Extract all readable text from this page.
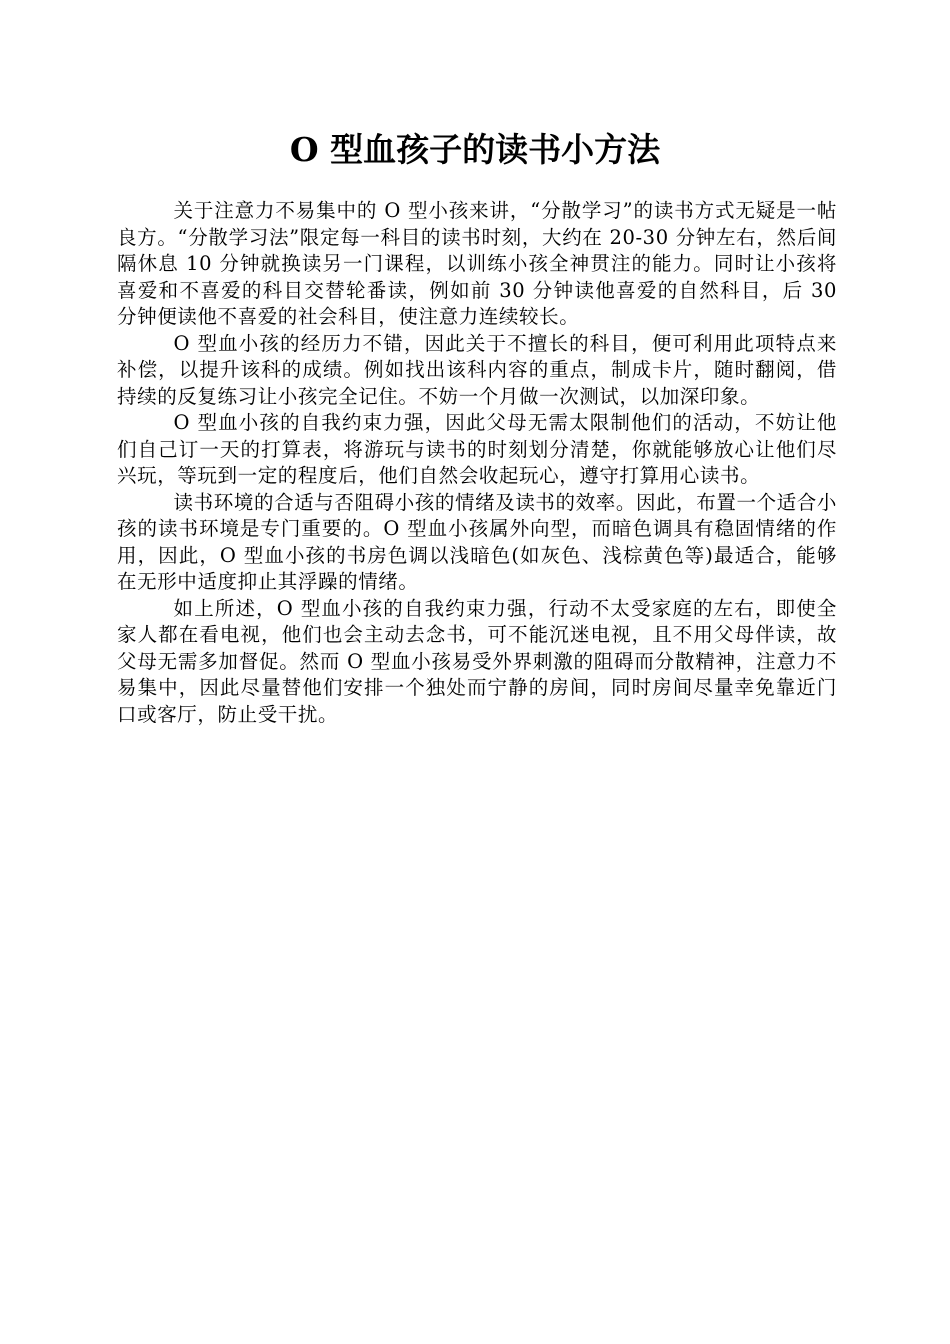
O 型血孩子的读书小方法

关于注意力不易集中的 O 型小孩来讲，“分散学习”的读书方式无疑是一帖良方。“分散学习法”限定每一科目的读书时刻，大约在 20-30 分钟左右，然后间隔休息 10 分钟就换读另一门课程，以训练小孩全神贯注的能力。同时让小孩将喜爱和不喜爱的科目交替轮番读，例如前 30 分钟读他喜爱的自然科目，后 30 分钟便读他不喜爱的社会科目，使注意力连续较长。

O 型血小孩的经历力不错，因此关于不擅长的科目，便可利用此项特点来补偿，以提升该科的成绩。例如找出该科内容的重点，制成卡片，随时翻阅，借持续的反复练习让小孩完全记住。不妨一个月做一次测试，以加深印象。

O 型血小孩的自我约束力强，因此父母无需太限制他们的活动，不妨让他们自己订一天的打算表，将游玩与读书的时刻划分清楚，你就能够放心让他们尽兴玩，等玩到一定的程度后，他们自然会收起玩心，遵守打算用心读书。

读书环境的合适与否阻碍小孩的情绪及读书的效率。因此，布置一个适合小孩的读书环境是专门重要的。O 型血小孩属外向型，而暗色调具有稳固情绪的作用，因此，O 型血小孩的书房色调以浅暗色(如灰色、浅棕黄色等)最适合，能够在无形中适度抑止其浮躁的情绪。

如上所述，O 型血小孩的自我约束力强，行动不太受家庭的左右，即使全家人都在看电视，他们也会主动去念书，可不能沉迷电视，且不用父母伴读，故父母无需多加督促。然而 O 型血小孩易受外界刺激的阻碍而分散精神，注意力不易集中，因此尽量替他们安排一个独处而宁静的房间，同时房间尽量幸免靠近门口或客厅，防止受干扰。
